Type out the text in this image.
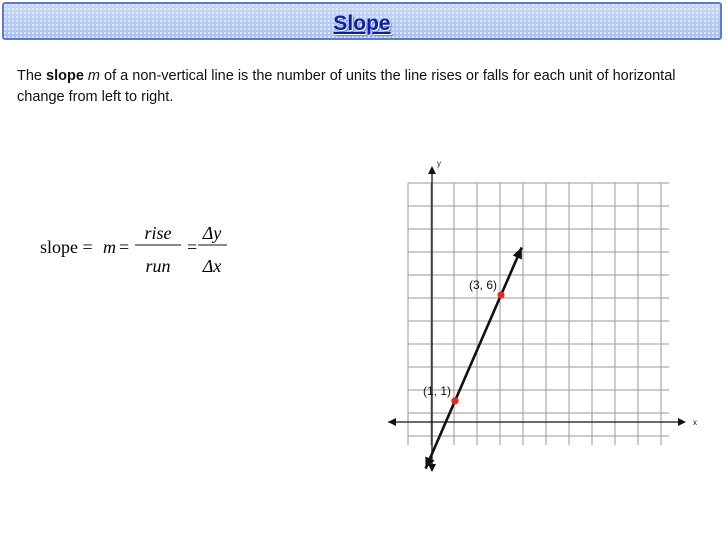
Slope
The slope m of a non-vertical line is the number of units the line rises or falls for each unit of horizontal change from left to right.
slope = m =
rise
run
=
Δy
Δx
x
y
(1, 1)
(3, 6)
